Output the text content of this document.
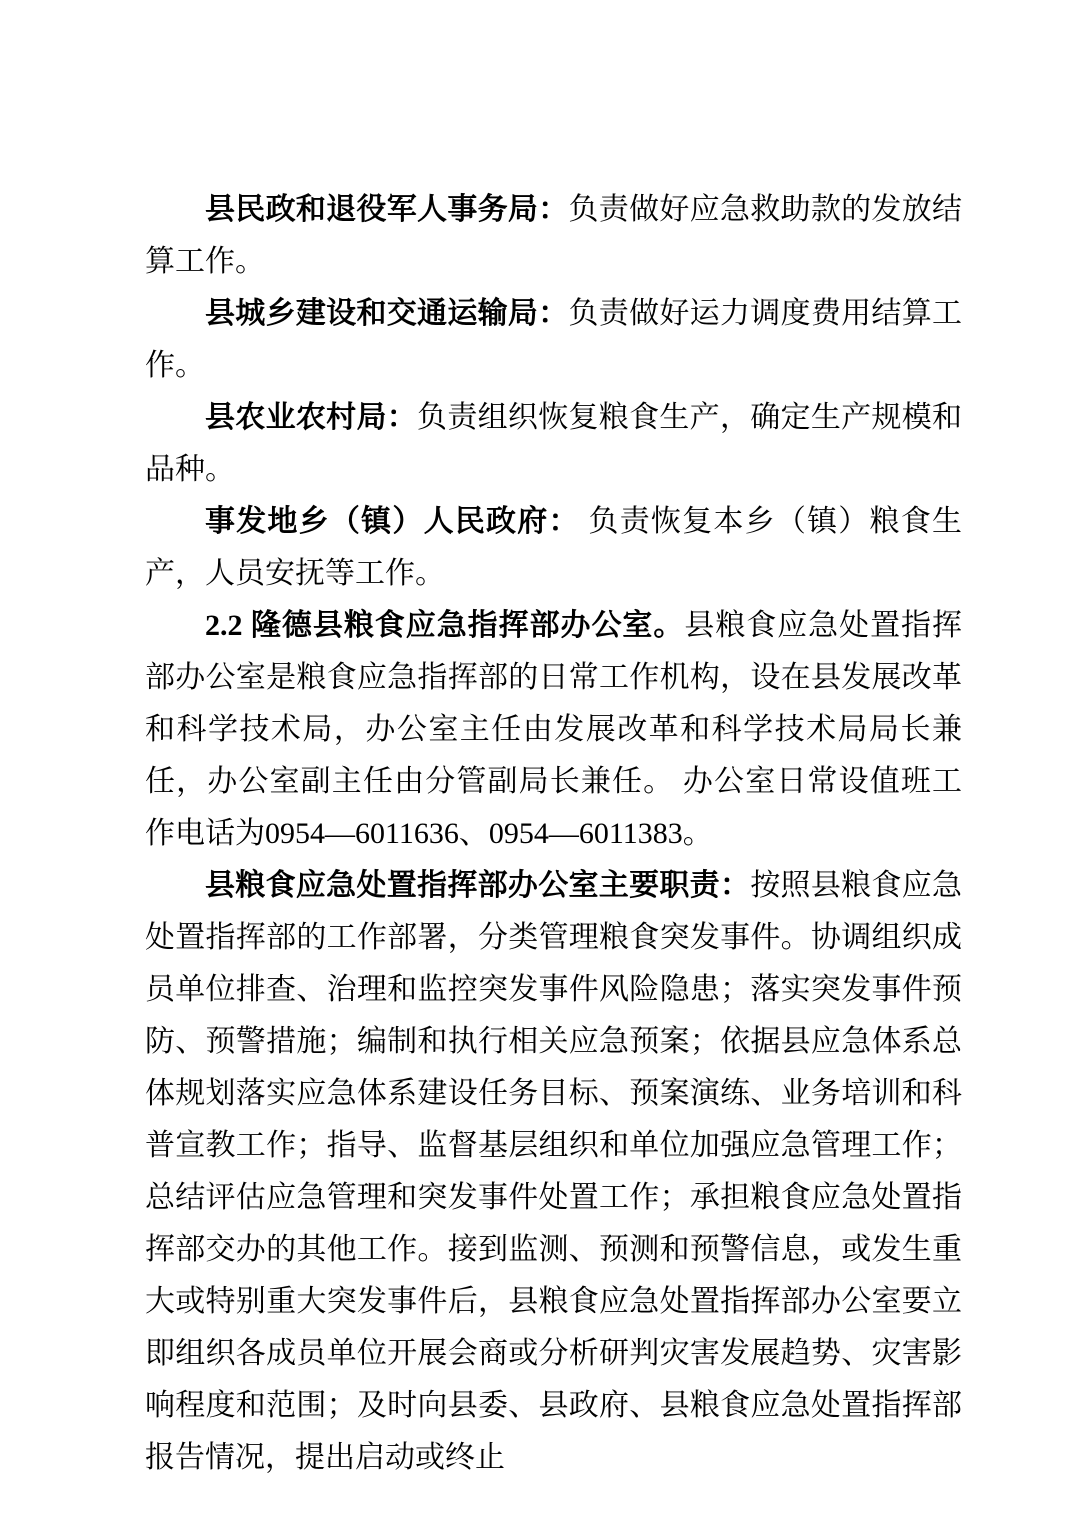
县民政和退役军人事务局：负责做好应急救助款的发放结算工作。

县城乡建设和交通运输局：负责做好运力调度费用结算工作。

县农业农村局：负责组织恢复粮食生产，确定生产规模和品种。

事发地乡（镇）人民政府： 负责恢复本乡（镇）粮食生产，人员安抚等工作。

2.2 隆德县粮食应急指挥部办公室。县粮食应急处置指挥部办公室是粮食应急指挥部的日常工作机构，设在县发展改革和科学技术局，办公室主任由发展改革和科学技术局局长兼任，办公室副主任由分管副局长兼任。 办公室日常设值班工作电话为0954—6011636、0954—6011383。

县粮食应急处置指挥部办公室主要职责：按照县粮食应急处置指挥部的工作部署，分类管理粮食突发事件。协调组织成员单位排查、治理和监控突发事件风险隐患；落实突发事件预防、预警措施；编制和执行相关应急预案；依据县应急体系总体规划落实应急体系建设任务目标、预案演练、业务培训和科普宣教工作；指导、监督基层组织和单位加强应急管理工作；总结评估应急管理和突发事件处置工作；承担粮食应急处置指挥部交办的其他工作。接到监测、预测和预警信息，或发生重大或特别重大突发事件后，县粮食应急处置指挥部办公室要立即组织各成员单位开展会商或分析研判灾害发展趋势、灾害影响程度和范围；及时向县委、县政府、县粮食应急处置指挥部报告情况，提出启动或终止
